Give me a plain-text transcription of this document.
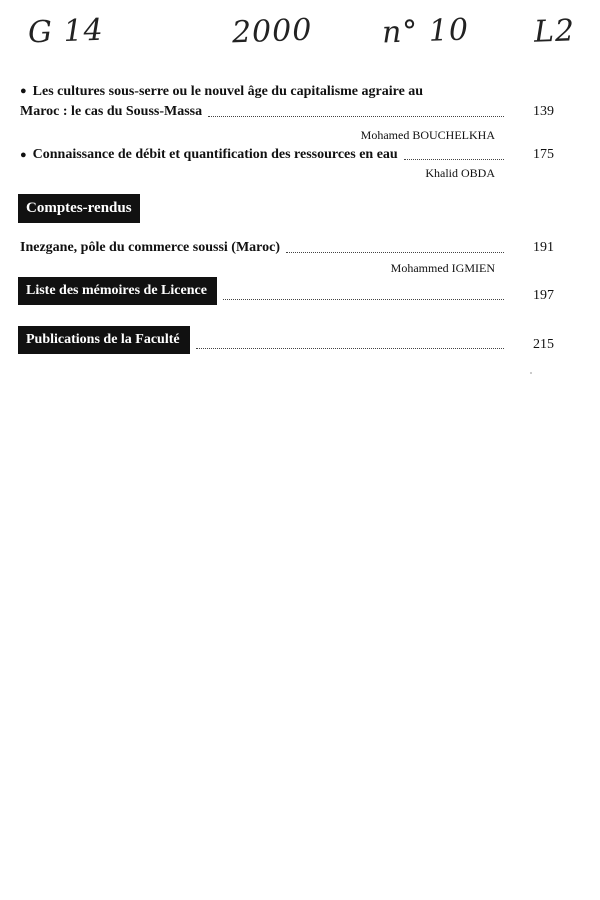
G 14	2000 n° 10 L2
● Les cultures sous-serre ou le nouvel âge du capitalisme agraire au
Maroc : le cas du Souss-Massa	139
Mohamed BOUCHELKHA
● Connaissance de débit et quantification des ressources en eau	175
Khalid OBDA
Comptes-rendus
Inezgane, pôle du commerce soussi (Maroc)	191
Mohammed IGMIEN
Liste des mémoires de Licence	197
Publications de la Faculté	215
